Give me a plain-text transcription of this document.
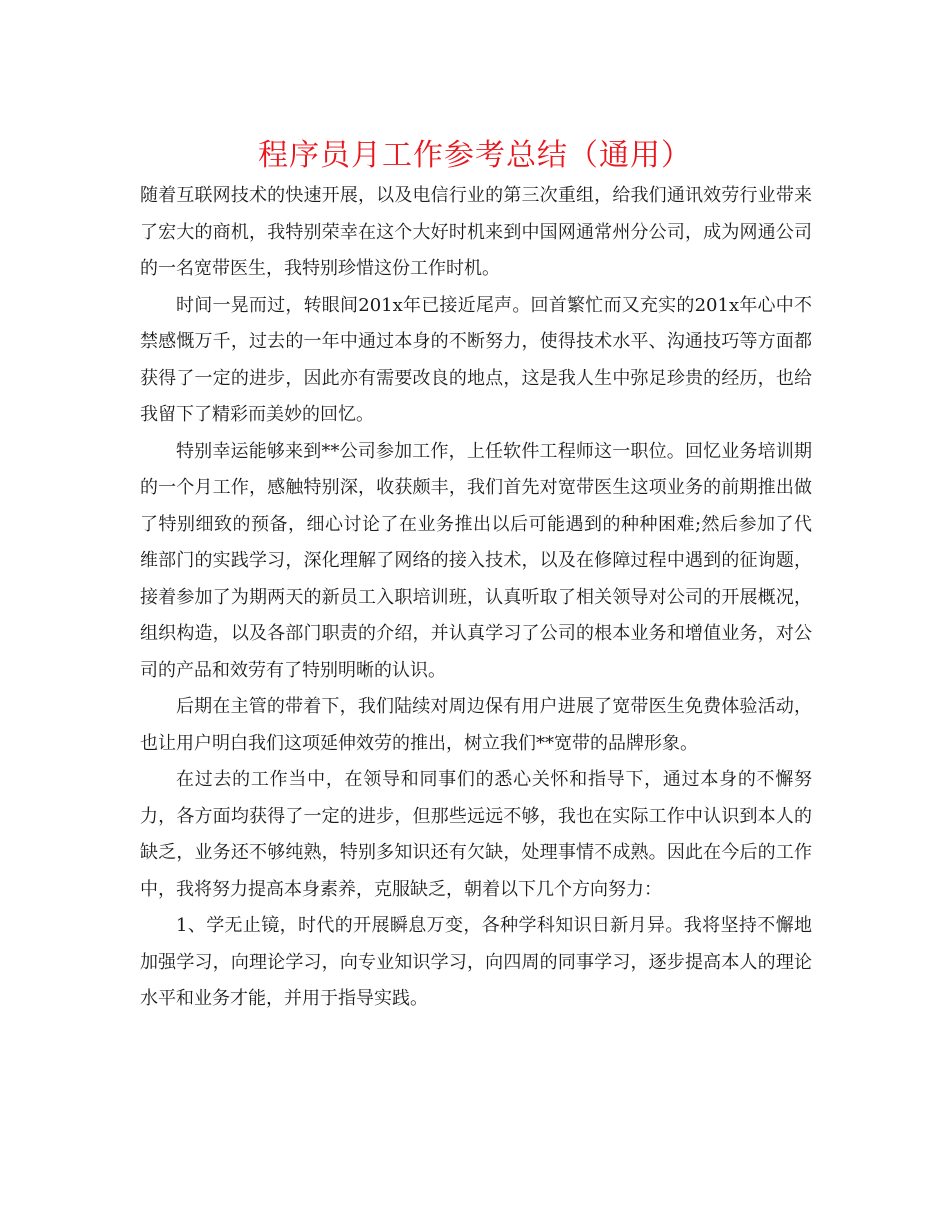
程序员月工作参考总结（通用）

随着互联网技术的快速开展，以及电信行业的第三次重组，给我们通讯效劳行业带来了宏大的商机，我特别荣幸在这个大好时机来到中国网通常州分公司，成为网通公司的一名宽带医生，我特别珍惜这份工作时机。

时间一晃而过，转眼间201x年已接近尾声。回首繁忙而又充实的201x年心中不禁感慨万千，过去的一年中通过本身的不断努力，使得技术水平、沟通技巧等方面都获得了一定的进步，因此亦有需要改良的地点，这是我人生中弥足珍贵的经历，也给我留下了精彩而美妙的回忆。

特别幸运能够来到**公司参加工作，上任软件工程师这一职位。回忆业务培训期的一个月工作，感触特别深，收获颇丰，我们首先对宽带医生这项业务的前期推出做了特别细致的预备，细心讨论了在业务推出以后可能遇到的种种困难;然后参加了代维部门的实践学习，深化理解了网络的接入技术，以及在修障过程中遇到的征询题，接着参加了为期两天的新员工入职培训班，认真听取了相关领导对公司的开展概况，组织构造，以及各部门职责的介绍，并认真学习了公司的根本业务和增值业务，对公司的产品和效劳有了特别明晰的认识。

后期在主管的带着下，我们陆续对周边保有用户进展了宽带医生免费体验活动，也让用户明白我们这项延伸效劳的推出，树立我们**宽带的品牌形象。

在过去的工作当中，在领导和同事们的悉心关怀和指导下，通过本身的不懈努力，各方面均获得了一定的进步，但那些远远不够，我也在实际工作中认识到本人的缺乏，业务还不够纯熟，特别多知识还有欠缺，处理事情不成熟。因此在今后的工作中，我将努力提高本身素养，克服缺乏，朝着以下几个方向努力：

1、学无止镜，时代的开展瞬息万变，各种学科知识日新月异。我将坚持不懈地加强学习，向理论学习，向专业知识学习，向四周的同事学习，逐步提高本人的理论水平和业务才能，并用于指导实践。
